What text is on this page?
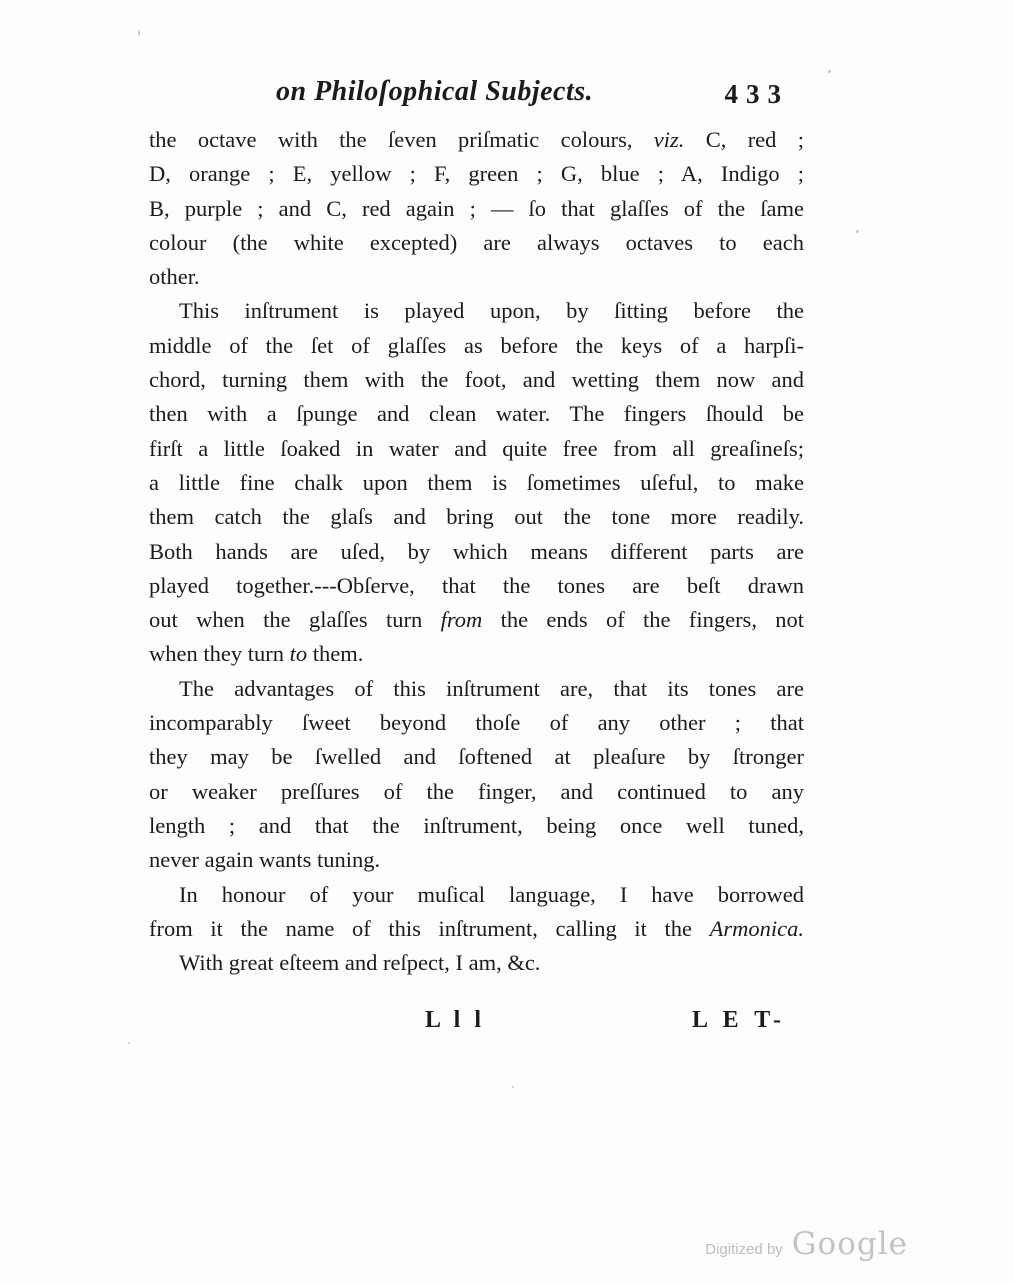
on Philoſophical Subjects.	433
the octave with the ſeven priſmatic colours, viz. C, red ;
D, orange ; E, yellow ; F, green ; G, blue ; A, Indigo ;
B, purple ; and C, red again ; — ſo that glaſſes of the ſame
colour (the white excepted) are always octaves to each
other.
This inſtrument is played upon, by ſitting before the
middle of the ſet of glaſſes as before the keys of a harpſi-
chord, turning them with the foot, and wetting them now and
then with a ſpunge and clean water. The fingers ſhould be
firſt a little ſoaked in water and quite free from all greaſineſs;
a little fine chalk upon them is ſometimes uſeful, to make
them catch the glaſs and bring out the tone more readily.
Both hands are uſed, by which means different parts are
played together.---Obſerve, that the tones are beſt drawn
out when the glaſſes turn from the ends of the fingers, not
when they turn to them.
The advantages of this inſtrument are, that its tones are
incomparably ſweet beyond thoſe of any other ; that
they may be ſwelled and ſoftened at pleaſure by ſtronger
or weaker preſſures of the finger, and continued to any
length ; and that the inſtrument, being once well tuned,
never again wants tuning.
In honour of your muſical language, I have borrowed
from it the name of this inſtrument, calling it the Armonica.
With great eſteem and reſpect, I am, &c.
L l l	L E T-
Digitized by Google
